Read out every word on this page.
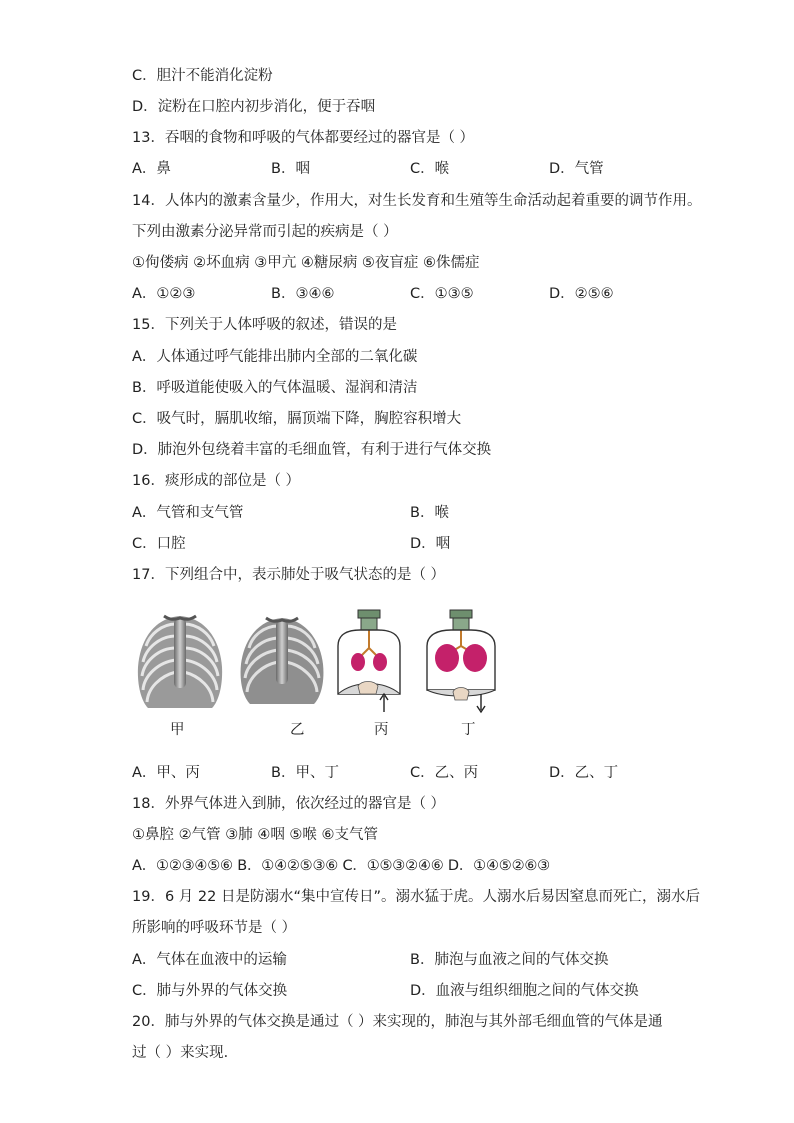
C．胆汁不能消化淀粉
D．淀粉在口腔内初步消化，便于吞咽
13．吞咽的食物和呼吸的气体都要经过的器官是（ ）
A．鼻	B．咽	C．喉	D．气管
14．人体内的激素含量少，作用大，对生长发育和生殖等生命活动起着重要的调节作用。
下列由激素分泌异常而引起的疾病是（ ）
①佝偻病 ②坏血病 ③甲亢 ④糖尿病 ⑤夜盲症 ⑥侏儒症
A．①②③	B．③④⑥	C．①③⑤	D．②⑤⑥
15．下列关于人体呼吸的叙述，错误的是
A．人体通过呼气能排出肺内全部的二氧化碳
B．呼吸道能使吸入的气体温暖、湿润和清洁
C．吸气时，膈肌收缩，膈顶端下降，胸腔容积增大
D．肺泡外包绕着丰富的毛细血管，有利于进行气体交换
16．痰形成的部位是（ ）
A．气管和支气管	B．喉
C．口腔	D．咽
17．下列组合中，表示肺处于吸气状态的是（ ）
甲	乙	丙	丁
A．甲、丙	B．甲、丁	C．乙、丙	D．乙、丁
18．外界气体进入到肺，依次经过的器官是（ ）
①鼻腔 ②气管 ③肺 ④咽 ⑤喉 ⑥支气管
A．①②③④⑤⑥ B．①④②⑤③⑥ C．①⑤③②④⑥ D．①④⑤②⑥③
19．6 月 22 日是防溺水“集中宣传日”。溺水猛于虎。人溺水后易因窒息而死亡，溺水后
所影响的呼吸环节是（ ）
A．气体在血液中的运输	B．肺泡与血液之间的气体交换
C．肺与外界的气体交换	D．血液与组织细胞之间的气体交换
20．肺与外界的气体交换是通过（ ）来实现的，肺泡与其外部毛细血管的气体是通
过（ ）来实现．
